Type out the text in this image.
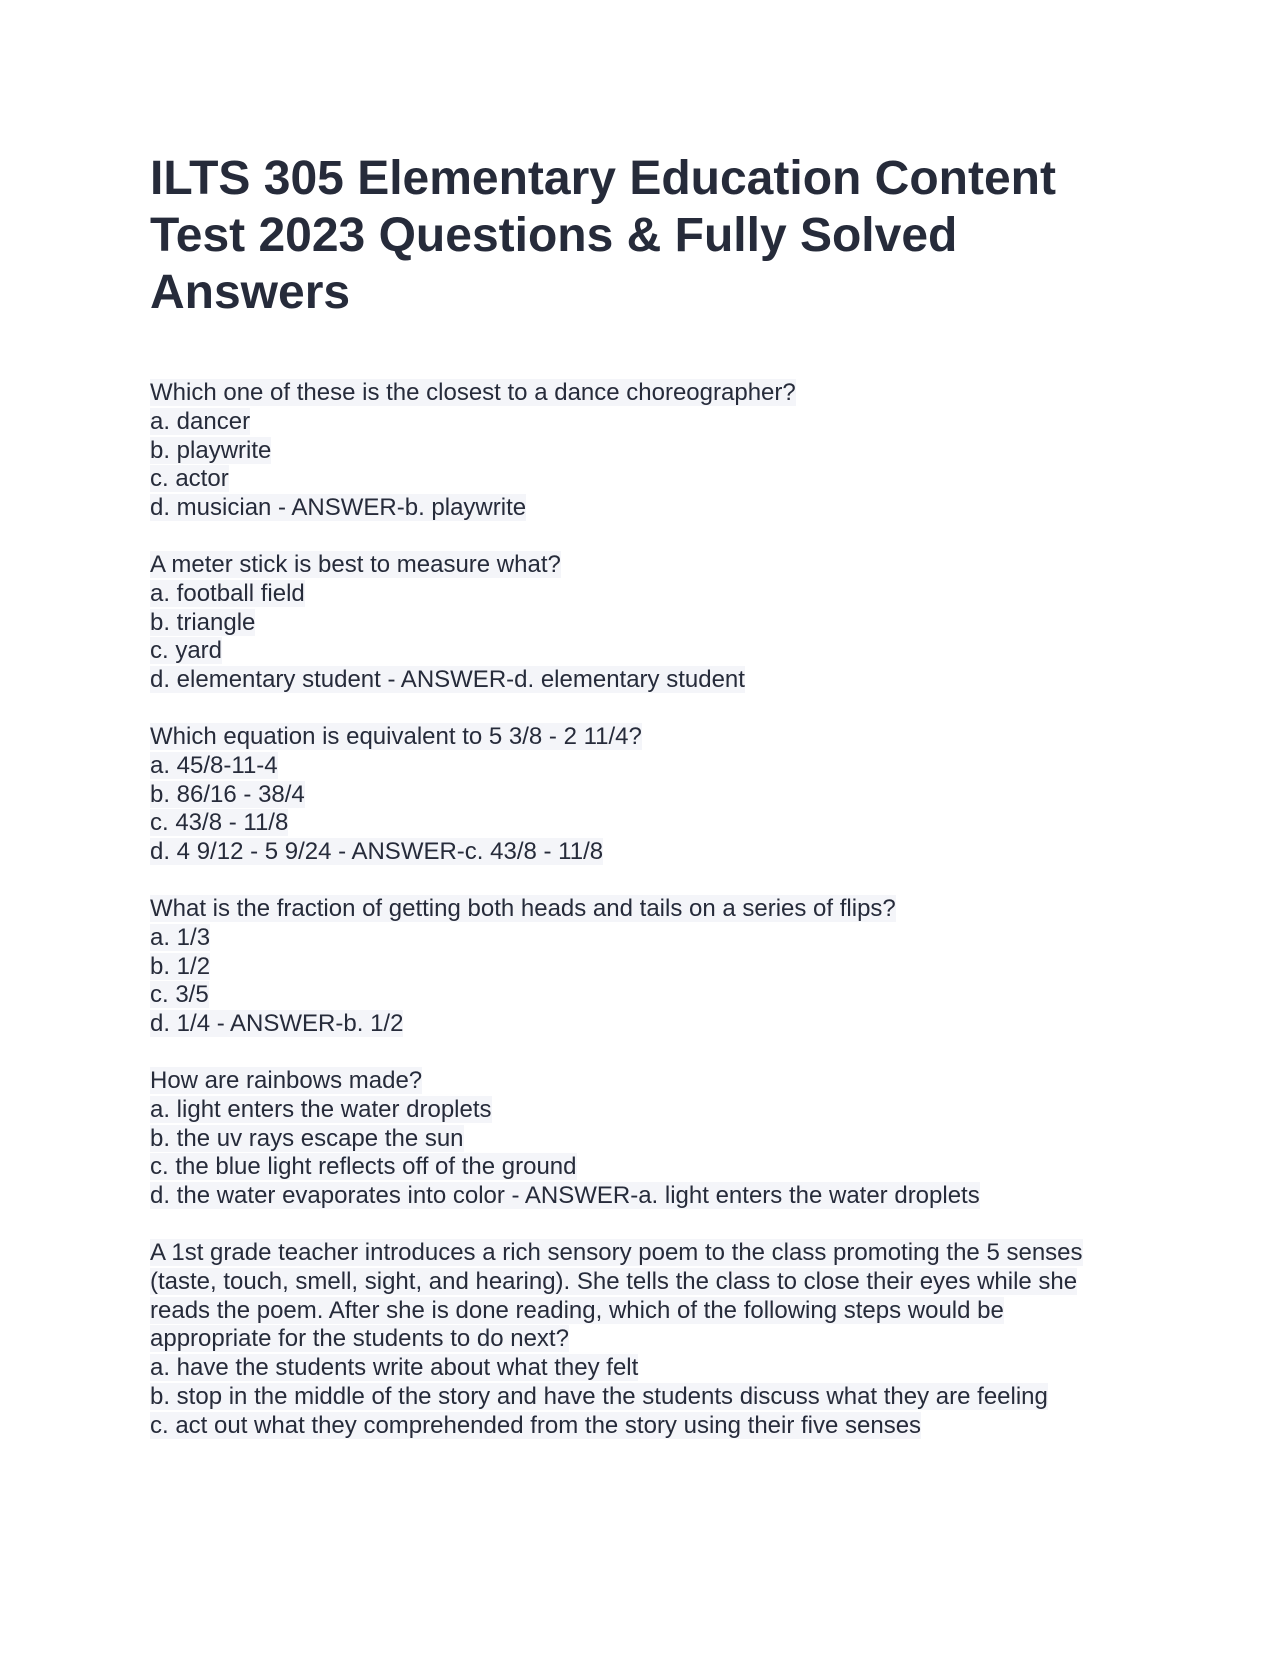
ILTS 305 Elementary Education Content Test 2023 Questions & Fully Solved Answers
Which one of these is the closest to a dance choreographer?
a. dancer
b. playwrite
c. actor
d. musician - ANSWER-b. playwrite
A meter stick is best to measure what?
a. football field
b. triangle
c. yard
d. elementary student - ANSWER-d. elementary student
Which equation is equivalent to 5 3/8 - 2 11/4?
a. 45/8-11-4
b. 86/16 - 38/4
c. 43/8 - 11/8
d. 4 9/12 - 5 9/24 - ANSWER-c. 43/8 - 11/8
What is the fraction of getting both heads and tails on a series of flips?
a. 1/3
b. 1/2
c. 3/5
d. 1/4 - ANSWER-b. 1/2
How are rainbows made?
a. light enters the water droplets
b. the uv rays escape the sun
c. the blue light reflects off of the ground
d. the water evaporates into color - ANSWER-a. light enters the water droplets
A 1st grade teacher introduces a rich sensory poem to the class promoting the 5 senses
(taste, touch, smell, sight, and hearing). She tells the class to close their eyes while she
reads the poem. After she is done reading, which of the following steps would be
appropriate for the students to do next?
a. have the students write about what they felt
b. stop in the middle of the story and have the students discuss what they are feeling
c. act out what they comprehended from the story using their five senses
